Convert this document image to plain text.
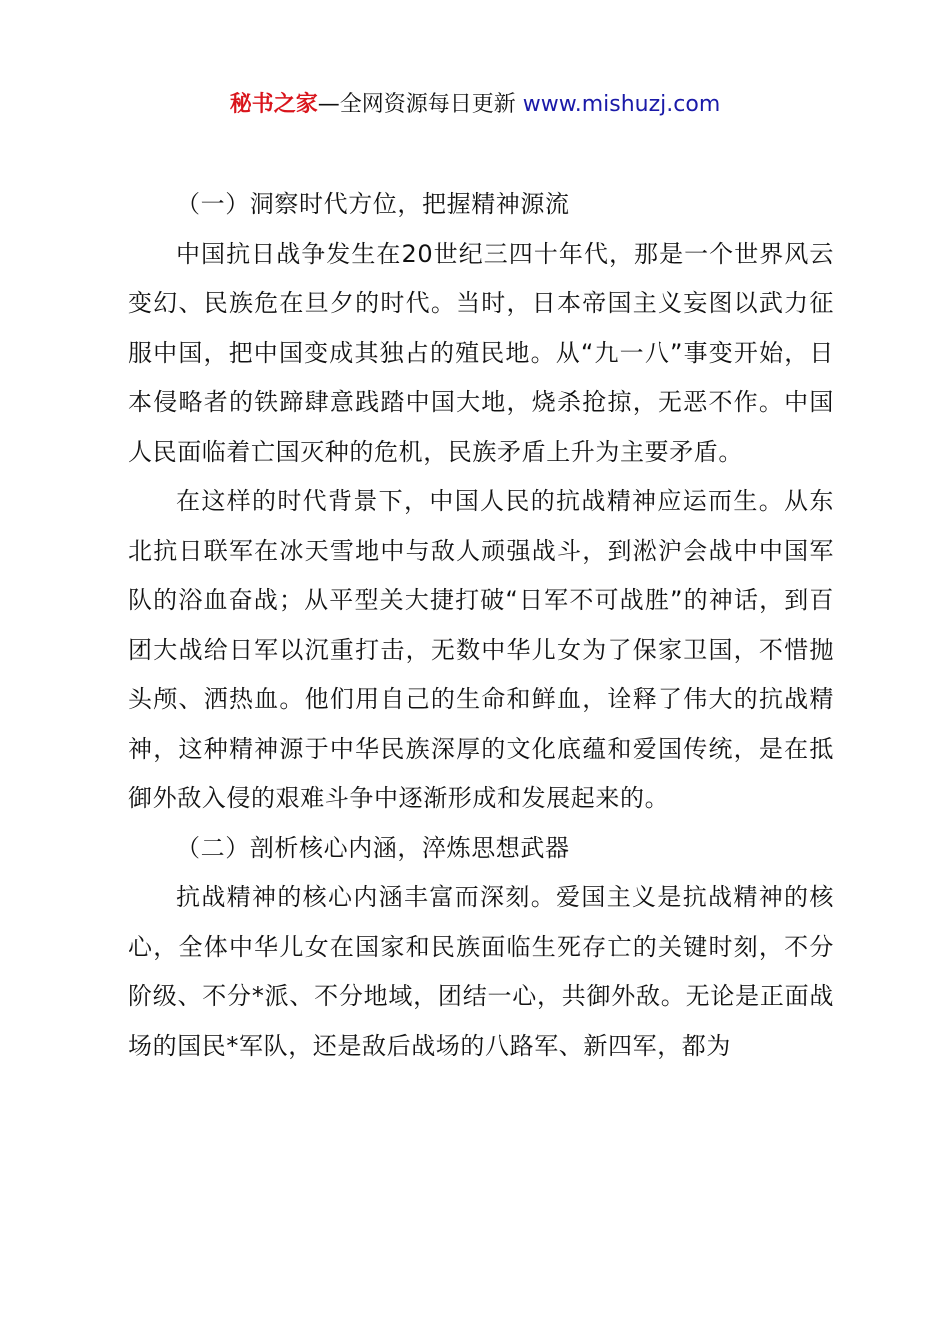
秘书之家—全网资源每日更新 www.mishuzj.com

（一）洞察时代方位，把握精神源流

中国抗日战争发生在20世纪三四十年代，那是一个世界风云变幻、民族危在旦夕的时代。当时，日本帝国主义妄图以武力征服中国，把中国变成其独占的殖民地。从“九一八”事变开始，日本侵略者的铁蹄肆意践踏中国大地，烧杀抢掠，无恶不作。中国人民面临着亡国灭种的危机，民族矛盾上升为主要矛盾。

在这样的时代背景下，中国人民的抗战精神应运而生。从东北抗日联军在冰天雪地中与敌人顽强战斗，到淞沪会战中中国军队的浴血奋战；从平型关大捷打破“日军不可战胜”的神话，到百团大战给日军以沉重打击，无数中华儿女为了保家卫国，不惜抛头颅、洒热血。他们用自己的生命和鲜血，诠释了伟大的抗战精神，这种精神源于中华民族深厚的文化底蕴和爱国传统，是在抵御外敌入侵的艰难斗争中逐渐形成和发展起来的。

（二）剖析核心内涵，淬炼思想武器

抗战精神的核心内涵丰富而深刻。爱国主义是抗战精神的核心，全体中华儿女在国家和民族面临生死存亡的关键时刻，不分阶级、不分*派、不分地域，团结一心，共御外敌。无论是正面战场的国民*军队，还是敌后战场的八路军、新四军，都为
